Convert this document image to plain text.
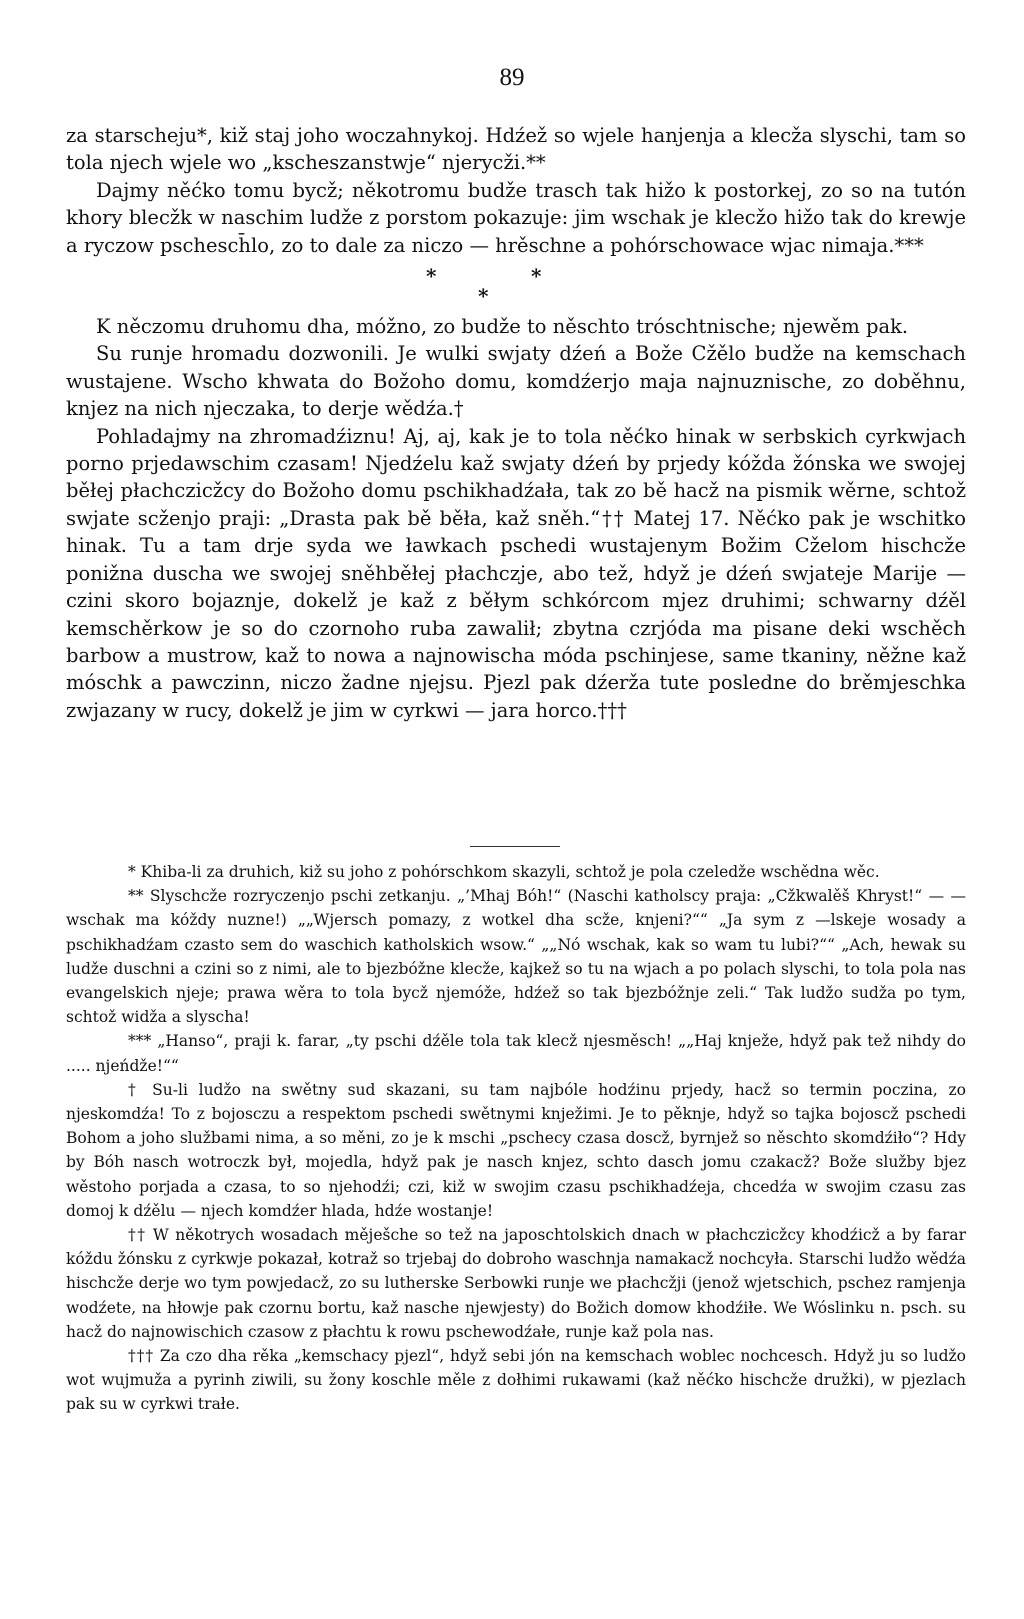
89

za starscheju*, kiž staj joho woczahnykoj. Hdźež so wjele hanjenja a klecža slyschi, tam so tola njech wjele wo „kscheszanstwje“ njerycži.**

Dajmy něćko tomu bycž; někotromu budže trasch tak hižo k postorkej, zo so na tutón khory blecžk w naschim ludže z porstom pokazuje: jim wschak je klecžo hižo tak do krewje a ryczow pschesch̄lo, zo to dale za niczo — hrěschne a pohórschowace wjac nimaja.***

*	*
*

K něczomu druhomu dha, móžno, zo budže to něschto tróschtnische; njewěm pak.

Su runje hromadu dozwonili. Je wulki swjaty dźeń a Bože Cžělo budže na kemschach wustajene. Wscho khwata do Božoho domu, komdźerjo maja najnuznische, zo doběhnu, knjez na nich njeczaka, to derje wědźa.†

Pohladajmy na zhromadźiznu! Aj, aj, kak je to tola něćko hinak w serbskich cyrkwjach porno prjedawschim czasam! Njedźelu kaž swjaty dźeń by prjedy kóžda žónska we swojej běłej płachczicžcy do Božoho domu pschikhadźała, tak zo bě hacž na pismik wěrne, schtož swjate scženjo praji: „Drasta pak bě běła, kaž sněh.“†† Matej 17. Něćko pak je wschitko hinak. Tu a tam drje syda we ławkach pschedi wustajenym Božim Cželom hischcže ponižna duscha we swojej sněhběłej płachczje, abo tež, hdyž je dźeń swjateje Marije — czini skoro bojaznje, dokelž je kaž z běłym schkórcom mjez druhimi; schwarny dźěl kemschěrkow je so do czornoho ruba zawalił; zbytna czrjóda ma pisane deki wschěch barbow a mustrow, kaž to nowa a najnowischa móda pschinjese, same tkaniny, něžne kaž móschk a pawczinn, niczo žadne njejsu. Pjezl pak dźerža tute posledne do brěmjeschka zwjazany w rucy, dokelž je jim w cyrkwi — jara horco.†††

* Khiba-li za druhich, kiž su joho z pohórschkom skazyli, schtož je pola czeledže wschědna wěc.

** Slyschcže rozryczenjo pschi zetkanju. „’Mhaj Bóh!“ (Naschi katholscy praja: „Cžkwalěš Khryst!“ — — wschak ma kóždy nuzne!) „„Wjersch pomazy, z wotkel dha scže, knjeni?““ „Ja sym z —lskeje wosady a pschikhadźam czasto sem do waschich katholskich wsow.“ „„Nó wschak, kak so wam tu lubi?““ „Ach, hewak su ludže duschni a czini so z nimi, ale to bjezbóžne klecže, kajkež so tu na wjach a po polach slyschi, to tola pola nas evangelskich njeje; prawa wěra to tola bycž njemóže, hdźež so tak bjezbóžnje zeli.“ Tak ludžo sudža po tym, schtož widža a slyscha!

*** „Hanso“, praji k. farar, „ty pschi dźěle tola tak klecž njesměsch! „„Haj knježe, hdyž pak tež nihdy do ..... njeńdže!““

† Su-li ludžo na swětny sud skazani, su tam najbóle hodźinu prjedy, hacž so termin poczina, zo njeskomdźa! To z bojosczu a respektom pschedi swětnymi knježimi. Je to pěknje, hdyž so tajka bojoscž pschedi Bohom a joho službami nima, a so měni, zo je k mschi „pschecy czasa doscž, byrnjež so něschto skomdźiło“? Hdy by Bóh nasch wotroczk był, mojedla, hdyž pak je nasch knjez, schto dasch jomu czakacž? Bože služby bjez wěstoho porjada a czasa, to so njehodźi; czi, kiž w swojim czasu pschikhadźeja, chcedźa w swojim czasu zas domoj k dźělu — njech komdźer hlada, hdźe wostanje!

†† W někotrych wosadach měješche so tež na japoschtolskich dnach w płachczicžcy khodźicž a by farar kóždu žónsku z cyrkwje pokazał, kotraž so trjebaj do dobroho waschnja namakacž nochcyła. Starschi ludžo wědźa hischcže derje wo tym powjedacž, zo su lutherske Serbowki runje we płachcžji (jenož wjetschich, pschez ramjenja wodźete, na hłowje pak czornu bortu, kaž nasche njewjesty) do Božich domow khodźiłe. We Wóslinku n. psch. su hacž do najnowischich czasow z płachtu k rowu pschewodźałe, runje kaž pola nas.

††† Za czo dha rěka „kemschacy pjezl“, hdyž sebi jón na kemschach woblec nochcesch. Hdyž ju so ludžo wot wujmuža a pyrinh ziwili, su žony koschle měle z dołhimi rukawami (kaž něćko hischcže družki), w pjezlach pak su w cyrkwi trałe.
